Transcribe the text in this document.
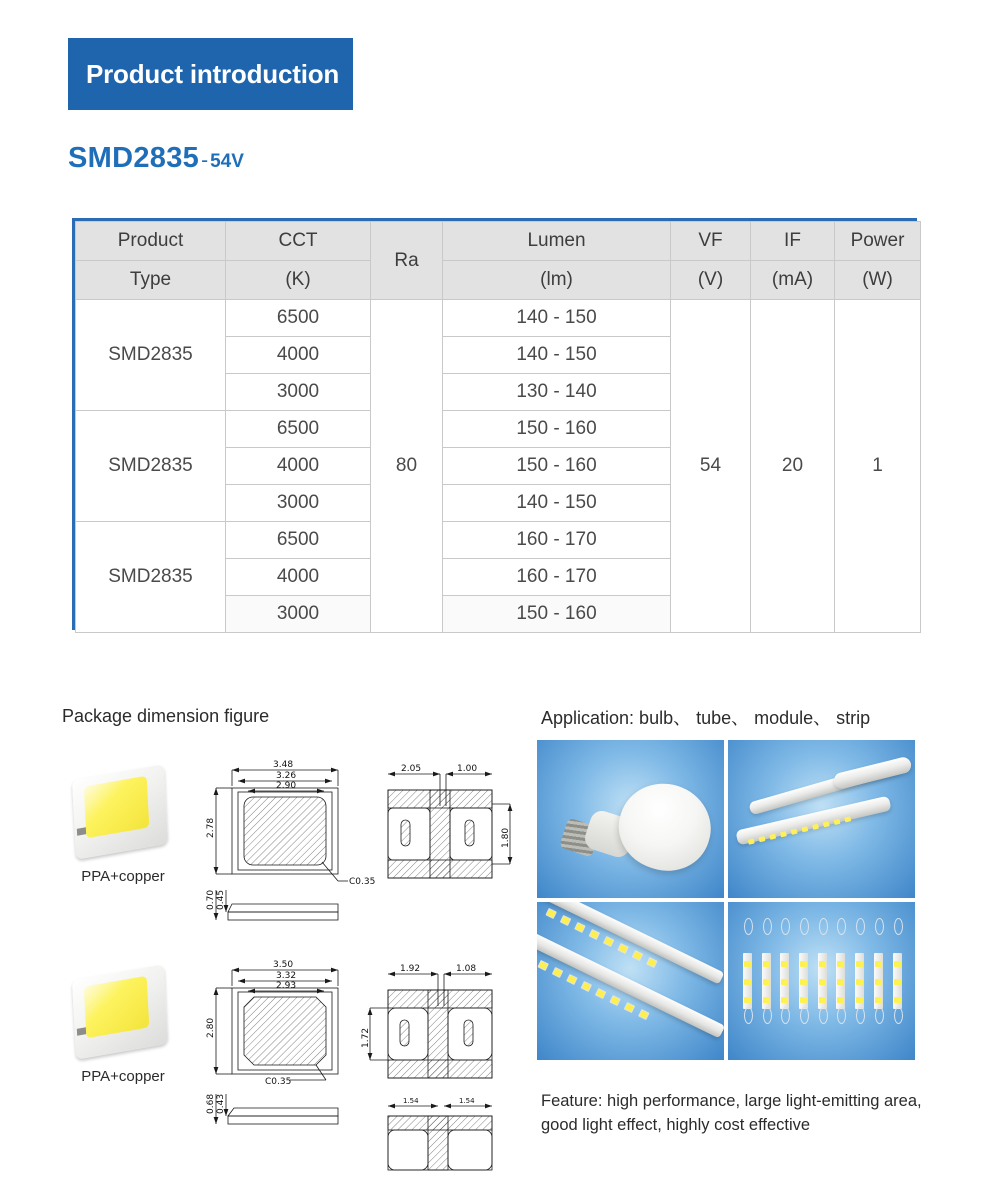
Product introduction
SMD2835- 54V
Product	CCT	Ra	Lumen	VF	IF	Power
Type	(K)		(lm)	(V)	(mA)	(W)
SMD2835	6500	80	140 - 150	54	20	1
	4000		140 - 150			
	3000		130 - 140			
SMD2835	6500		150 - 160			
	4000		150 - 160			
	3000		140 - 150			
SMD2835	6500		160 - 170			
	4000		160 - 170			
	3000		150 - 160			
Package dimension figure
PPA+copper
3.48
3.26
2.90
2.78
C0.35
0.70 0.45
2.05	1.00
1.80
PPA+copper
3.50
3.32
2.93
2.80
C0.35
0.68 0.43
1.92	1.08
1.72
1.54	1.54
Application: bulb、 tube、 module、 strip
Feature: high performance, large light-emitting area, good light effect, highly cost effective
